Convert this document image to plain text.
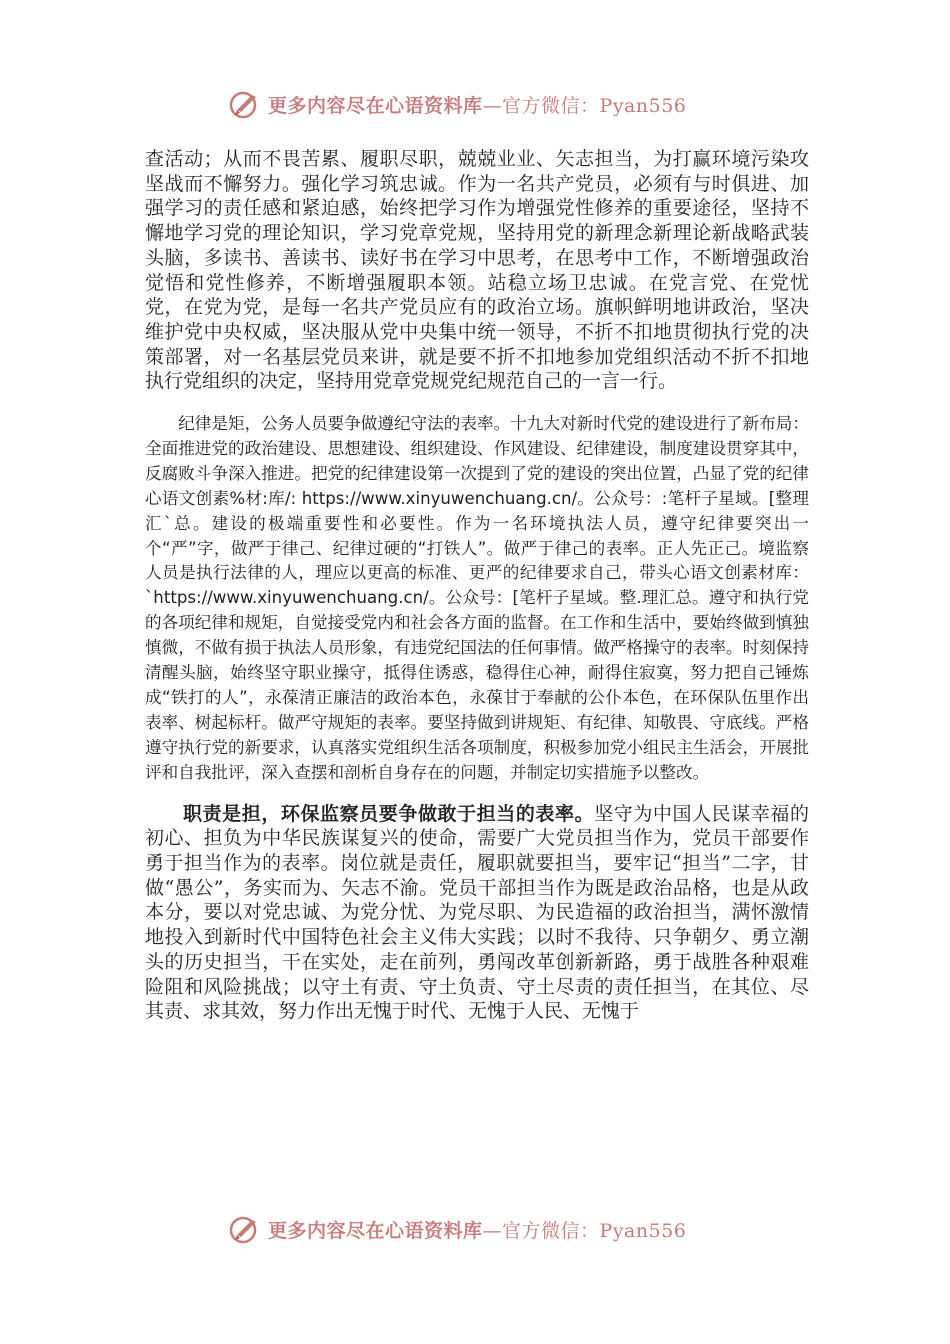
更多内容尽在心语资料库—官方微信：Pyan556

查活动；从而不畏苦累、履职尽职，兢兢业业、矢志担当，为打赢环境污染攻坚战而不懈努力。强化学习筑忠诚。作为一名共产党员，必须有与时俱进、加强学习的责任感和紧迫感，始终把学习作为增强党性修养的重要途径，坚持不懈地学习党的理论知识，学习党章党规，坚持用党的新理念新理论新战略武装头脑，多读书、善读书、读好书在学习中思考，在思考中工作，不断增强政治觉悟和党性修养，不断增强履职本领。站稳立场卫忠诚。在党言党、在党忧党，在党为党，是每一名共产党员应有的政治立场。旗帜鲜明地讲政治，坚决维护党中央权威，坚决服从党中央集中统一领导，不折不扣地贯彻执行党的决策部署，对一名基层党员来讲，就是要不折不扣地参加党组织活动不折不扣地执行党组织的决定，坚持用党章党规党纪规范自己的一言一行。

纪律是矩，公务人员要争做遵纪守法的表率。十九大对新时代党的建设进行了新布局：全面推进党的政治建设、思想建设、组织建设、作风建设、纪律建设，制度建设贯穿其中，反腐败斗争深入推进。把党的纪律建设第一次提到了党的建设的突出位置，凸显了党的纪律心语文创素%材:库/: https://www.xinyuwenchuang.cn/。公众号：:笔杆子星域。[整理汇`总。建设的极端重要性和必要性。作为一名环境执法人员，遵守纪律要突出一个“严”字，做严于律己、纪律过硬的“打铁人”。做严于律己的表率。正人先正己。境监察人员是执行法律的人，理应以更高的标准、更严的纪律要求自己，带头心语文创素材库：`https://www.xinyuwenchuang.cn/。公众号：[笔杆子星域。整.理汇总。遵守和执行党的各项纪律和规矩，自觉接受党内和社会各方面的监督。在工作和生活中，要始终做到慎独慎微，不做有损于执法人员形象，有违党纪国法的任何事情。做严格操守的表率。时刻保持清醒头脑，始终坚守职业操守，抵得住诱惑，稳得住心神，耐得住寂寞，努力把自己锤炼成“铁打的人”，永葆清正廉洁的政治本色，永葆甘于奉献的公仆本色，在环保队伍里作出表率、树起标杆。做严守规矩的表率。要坚持做到讲规矩、有纪律、知敬畏、守底线。严格遵守执行党的新要求，认真落实党组织生活各项制度，积极参加党小组民主生活会，开展批评和自我批评，深入查摆和剖析自身存在的问题，并制定切实措施予以整改。

职责是担，环保监察员要争做敢于担当的表率。坚守为中国人民谋幸福的初心、担负为中华民族谋复兴的使命，需要广大党员担当作为，党员干部要作勇于担当作为的表率。岗位就是责任，履职就要担当，要牢记“担当”二字，甘做“愚公”，务实而为、矢志不渝。党员干部担当作为既是政治品格，也是从政本分，要以对党忠诚、为党分忧、为党尽职、为民造福的政治担当，满怀激情地投入到新时代中国特色社会主义伟大实践；以时不我待、只争朝夕、勇立潮头的历史担当，干在实处，走在前列，勇闯改革创新新路，勇于战胜各种艰难险阻和风险挑战；以守土有责、守土负责、守土尽责的责任担当，在其位、尽其责、求其效，努力作出无愧于时代、无愧于人民、无愧于

更多内容尽在心语资料库—官方微信：Pyan556
